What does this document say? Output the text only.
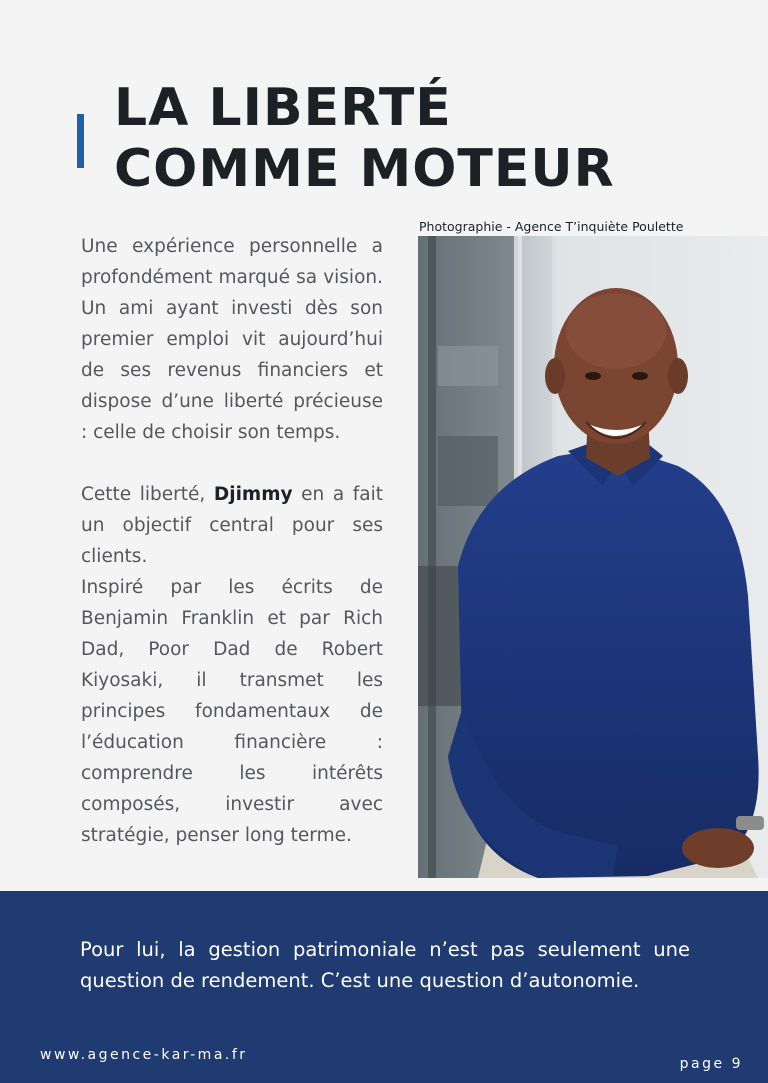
LA LIBERTÉ
COMME MOTEUR

Une expérience personnelle a profondément marqué sa vision. Un ami ayant investi dès son premier emploi vit aujourd’hui de ses revenus financiers et dispose d’une liberté précieuse : celle de choisir son temps.

Cette liberté, Djimmy en a fait un objectif central pour ses clients.

Inspiré par les écrits de Benjamin Franklin et par Rich Dad, Poor Dad de Robert Kiyosaki, il transmet les principes fondamentaux de l’éducation financière : comprendre les intérêts composés, investir avec stratégie, penser long terme.

Photographie - Agence T’inquiète Poulette

Pour lui, la gestion patrimoniale n’est pas seulement une question de rendement. C’est une question d’autonomie.

www.agence-kar-ma.fr
page 9
